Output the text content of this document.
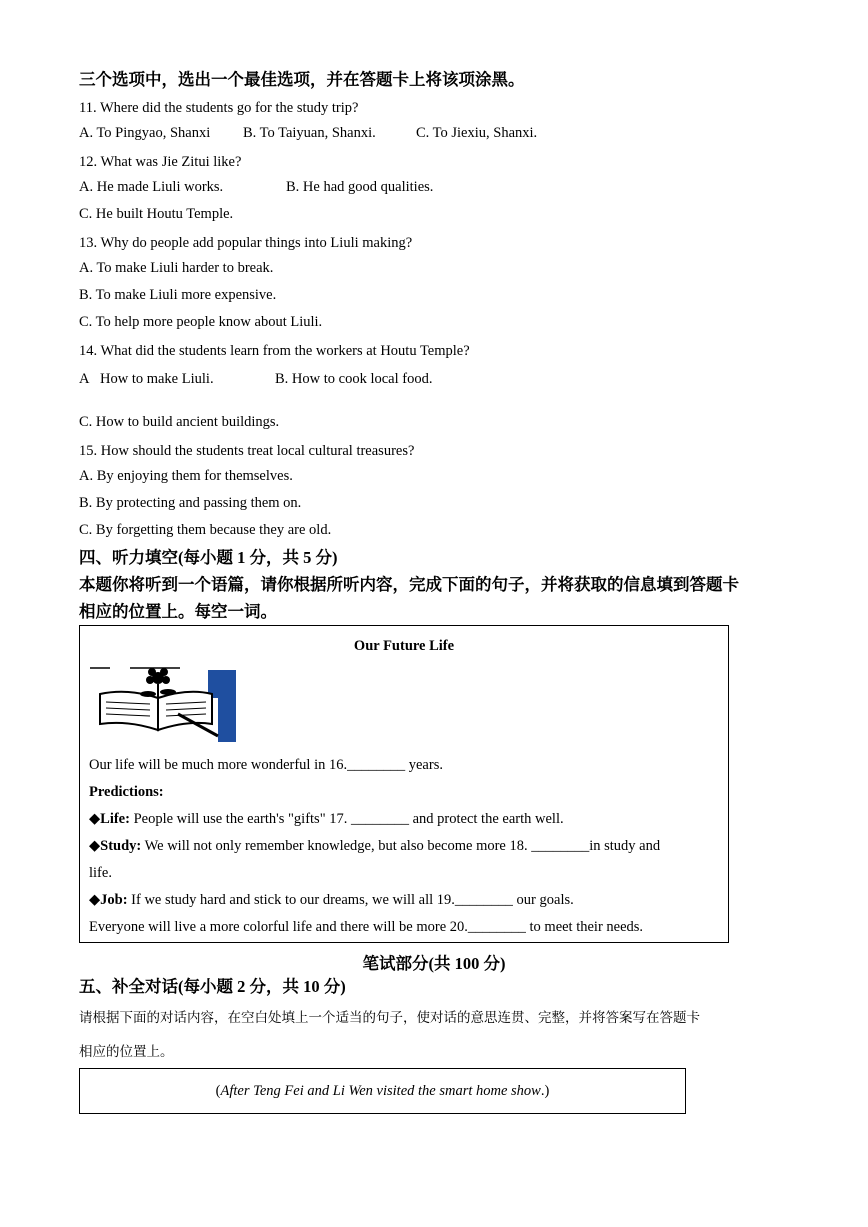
三个选项中，选出一个最佳选项，并在答题卡上将该项涂黑。
11. Where did the students go for the study trip?
A. To Pingyao, Shanxi B. To Taiyuan, Shanxi.	C. To Jiexiu, Shanxi.
12. What was Jie Zitui like?
A. He made Liuli works.	B. He had good qualities.
C. He built Houtu Temple.
13. Why do people add popular things into Liuli making?
A. To make Liuli harder to break.
B. To make Liuli more expensive.
C. To help more people know about Liuli.
14. What did the students learn from the workers at Houtu Temple?
A How to make Liuli.	B. How to cook local food.
C. How to build ancient buildings.
15. How should the students treat local cultural treasures?
A. By enjoying them for themselves.
B. By protecting and passing them on.
C. By forgetting them because they are old.
四、听力填空(每小题 1 分，共 5 分)
本题你将听到一个语篇，请你根据所听内容，完成下面的句子，并将获取的信息填到答题卡
相应的位置上。每空一词。
Our Future Life
Our life will be much more wonderful in 16.________ years.
Predictions:
◆Life: People will use the earth's "gifts" 17. ________ and protect the earth well.
◆Study: We will not only remember knowledge, but also become more 18. ________in study and
life.
◆Job: If we study hard and stick to our dreams, we will all 19.________ our goals.
Everyone will live a more colorful life and there will be more 20.________ to meet their needs.
笔试部分(共 100 分)
五、补全对话(每小题 2 分，共 10 分)
请根据下面的对话内容，在空白处填上一个适当的句子，使对话的意思连贯、完整，并将答案写在答题卡
相应的位置上。
( After Teng Fei and Li Wen visited the smart home show .)
